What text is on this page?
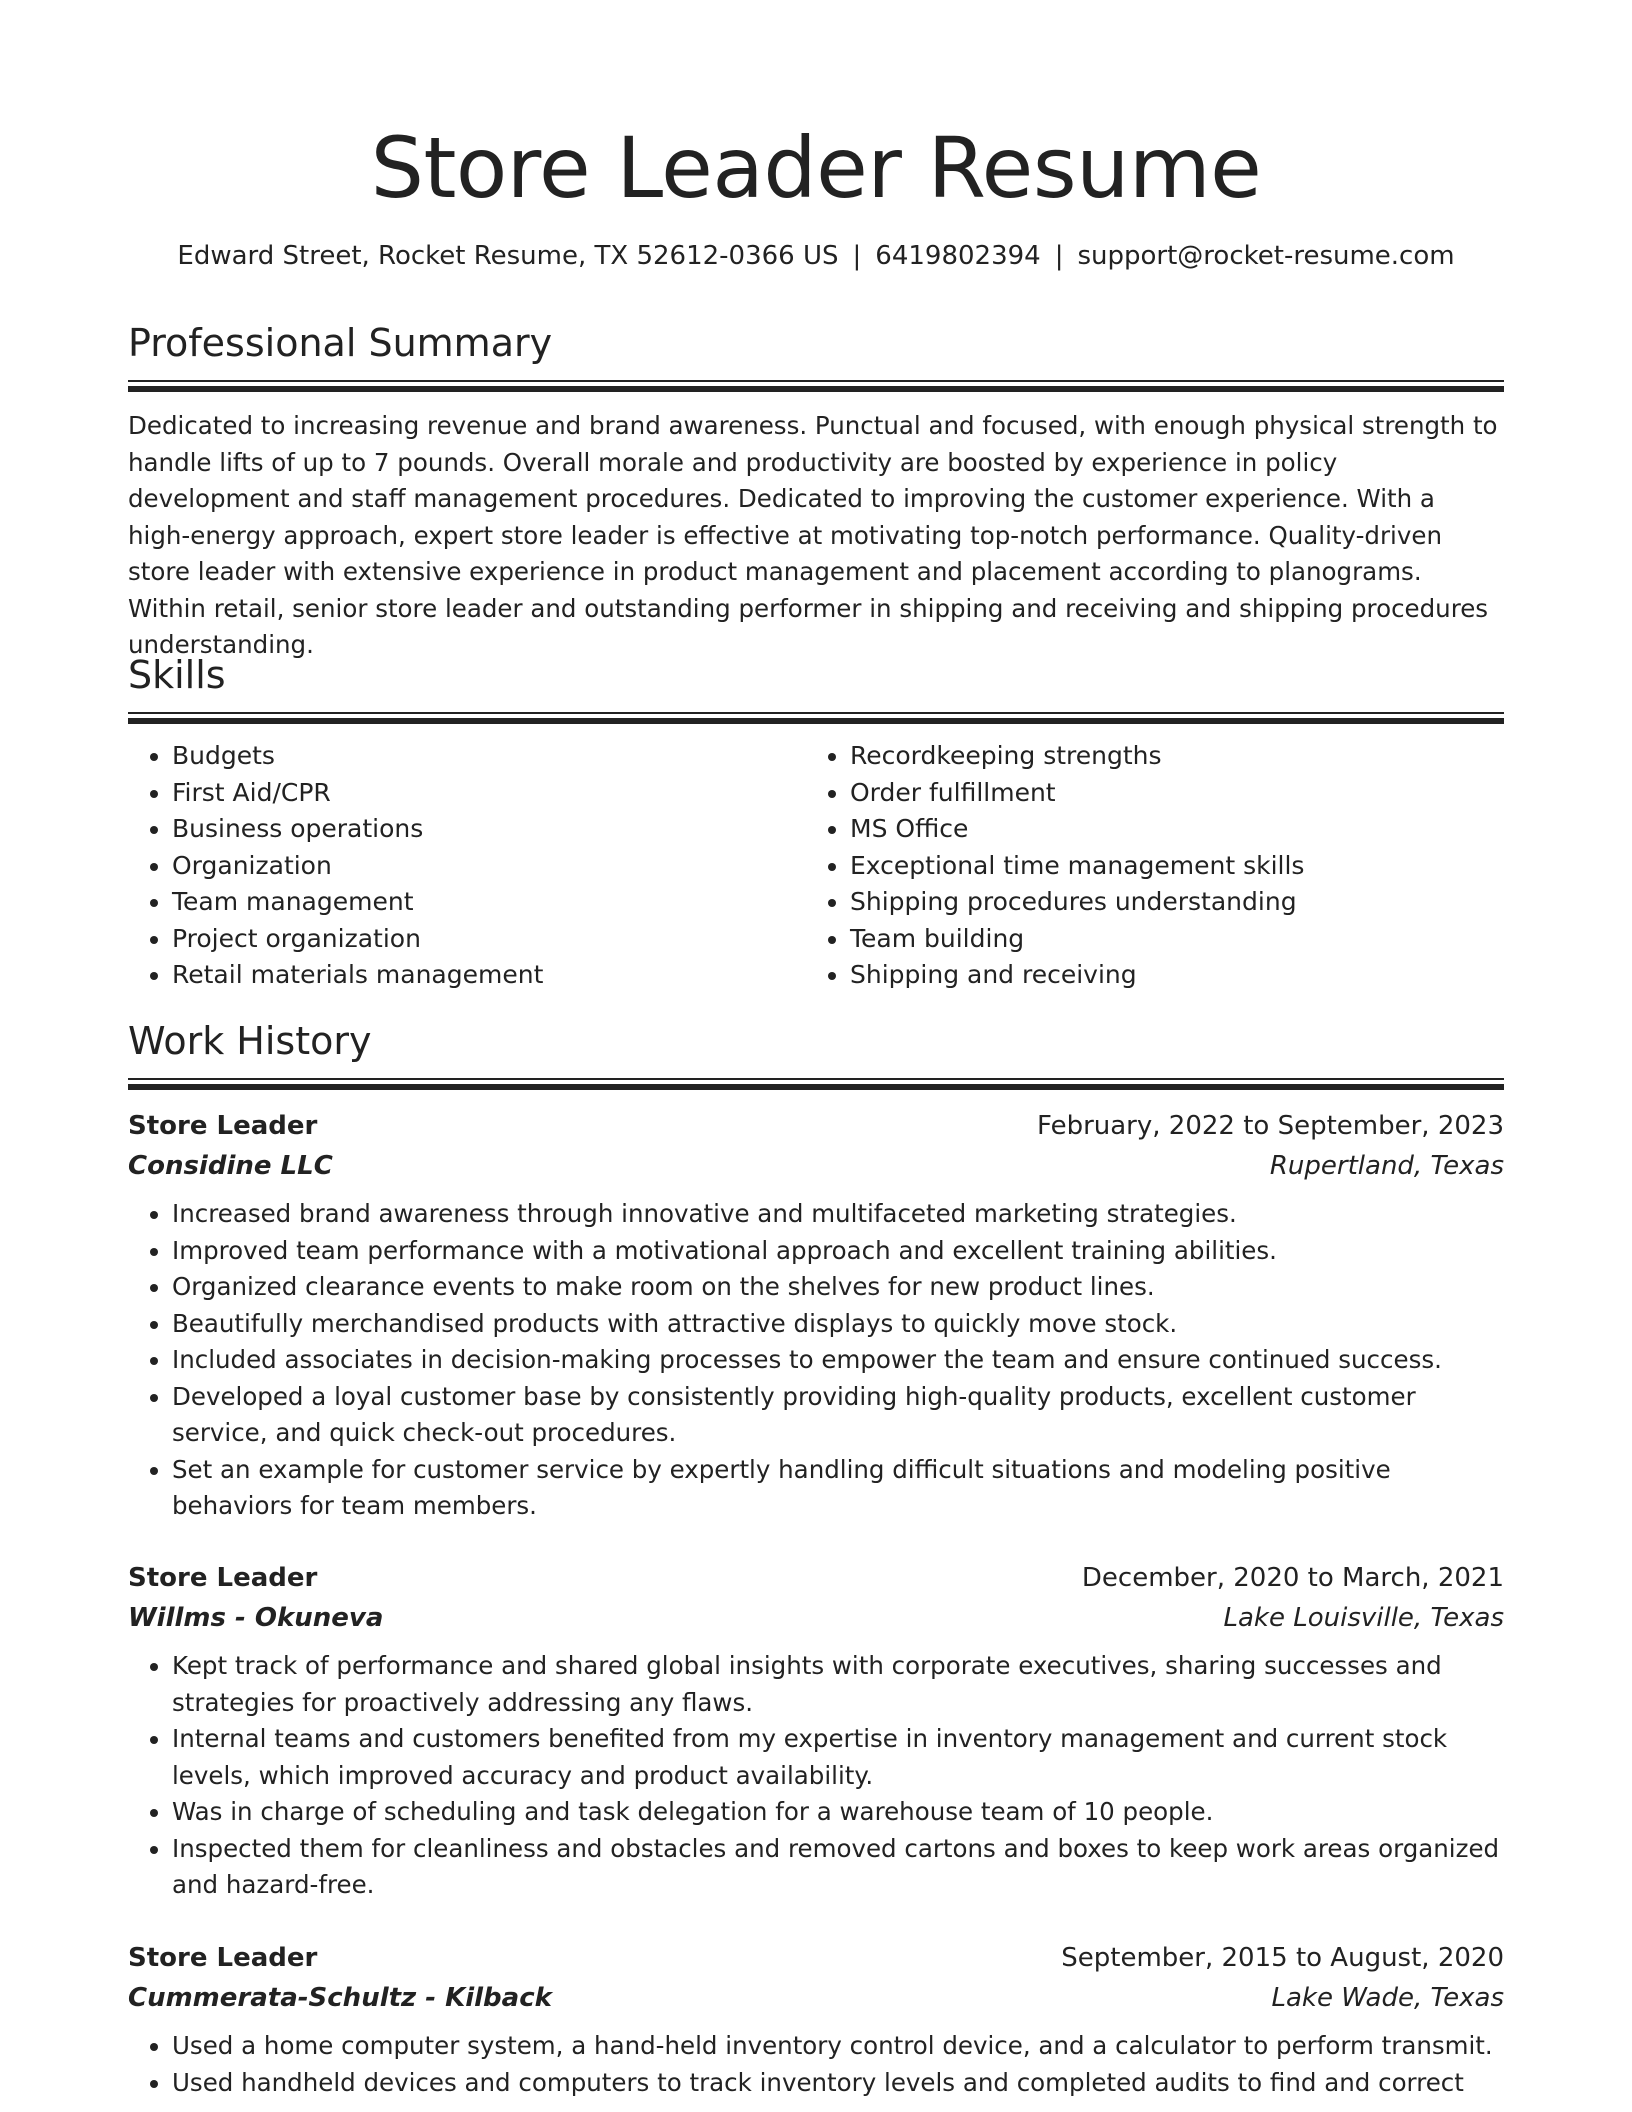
Store Leader Resume
Edward Street, Rocket Resume, TX 52612-0366 US | 6419802394 | support@rocket-resume.com
Professional Summary

Dedicated to increasing revenue and brand awareness. Punctual and focused, with enough physical strength to handle lifts of up to 7 pounds. Overall morale and productivity are boosted by experience in policy development and staff management procedures. Dedicated to improving the customer experience. With a high-energy approach, expert store leader is effective at motivating top-notch performance. Quality-driven store leader with extensive experience in product management and placement according to planograms. Within retail, senior store leader and outstanding performer in shipping and receiving and shipping procedures understanding.

Skills
• Budgets
• First Aid/CPR
• Business operations
• Organization
• Team management
• Project organization
• Retail materials management
• Recordkeeping strengths
• Order fulfillment
• MS Office
• Exceptional time management skills
• Shipping procedures understanding
• Team building
• Shipping and receiving
Work History
Store Leader	February, 2022 to September, 2023
Considine LLC	Rupertland, Texas
• Increased brand awareness through innovative and multifaceted marketing strategies.
• Improved team performance with a motivational approach and excellent training abilities.
• Organized clearance events to make room on the shelves for new product lines.
• Beautifully merchandised products with attractive displays to quickly move stock.
• Included associates in decision-making processes to empower the team and ensure continued success.
• Developed a loyal customer base by consistently providing high-quality products, excellent customer service, and quick check-out procedures.
• Set an example for customer service by expertly handling difficult situations and modeling positive behaviors for team members.
Store Leader	December, 2020 to March, 2021
Willms - Okuneva	Lake Louisville, Texas
• Kept track of performance and shared global insights with corporate executives, sharing successes and strategies for proactively addressing any flaws.
• Internal teams and customers benefited from my expertise in inventory management and current stock levels, which improved accuracy and product availability.
• Was in charge of scheduling and task delegation for a warehouse team of 10 people.
• Inspected them for cleanliness and obstacles and removed cartons and boxes to keep work areas organized and hazard-free.
Store Leader	September, 2015 to August, 2020
Cummerata-Schultz - Kilback	Lake Wade, Texas
• Used a home computer system, a hand-held inventory control device, and a calculator to perform transmit.
• Used handheld devices and computers to track inventory levels and completed audits to find and correct
